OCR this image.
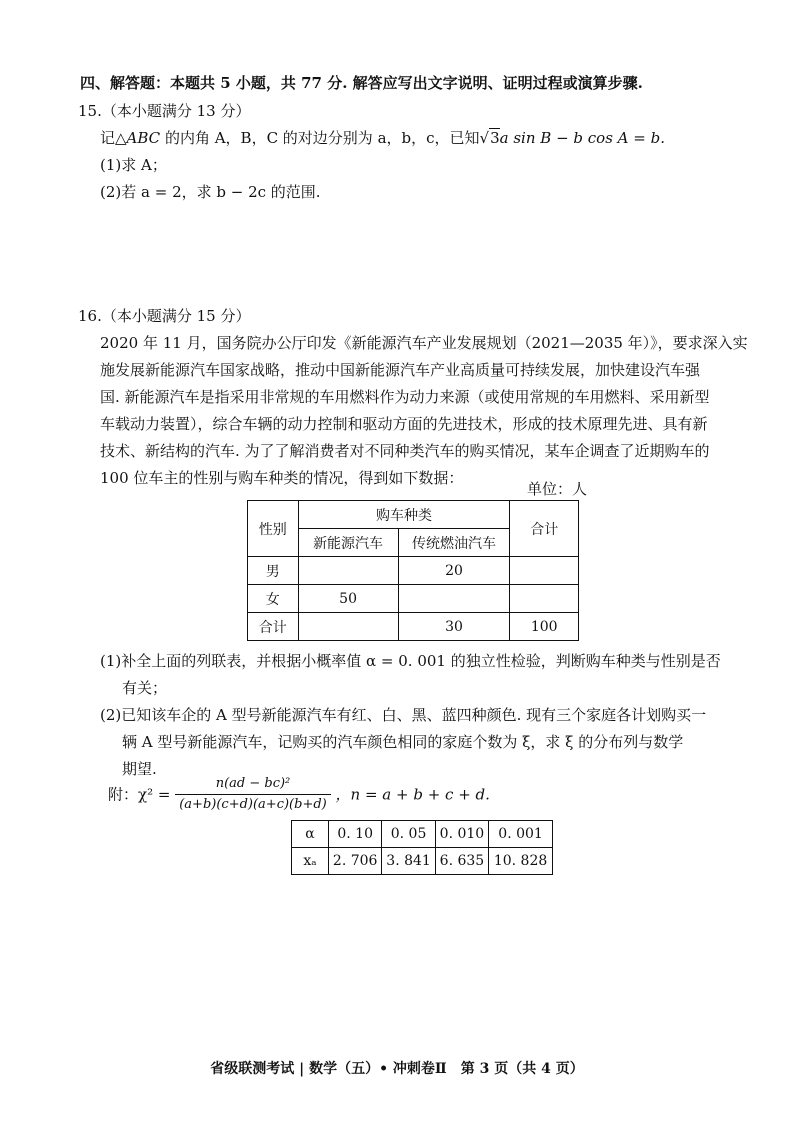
四、解答题：本题共 5 小题，共 77 分. 解答应写出文字说明、证明过程或演算步骤.
15.（本小题满分 13 分）
记△ABC 的内角 A，B，C 的对边分别为 a，b，c，已知√3a sin B − b cos A = b.
(1)求 A；
(2)若 a = 2，求 b − 2c 的范围.
16.（本小题满分 15 分）
2020 年 11 月，国务院办公厅印发《新能源汽车产业发展规划（2021—2035 年）》，要求深入实
施发展新能源汽车国家战略，推动中国新能源汽车产业高质量可持续发展，加快建设汽车强
国. 新能源汽车是指采用非常规的车用燃料作为动力来源（或使用常规的车用燃料、采用新型
车载动力装置），综合车辆的动力控制和驱动方面的先进技术，形成的技术原理先进、具有新
技术、新结构的汽车. 为了了解消费者对不同种类汽车的购买情况，某车企调查了近期购车的
100 位车主的性别与购车种类的情况，得到如下数据：
单位：人
性别	购车种类		合计
	新能源汽车	传统燃油汽车	
男		20	
女	50		
合计		30	100
(1)补全上面的列联表，并根据小概率值 α = 0. 001 的独立性检验，判断购车种类与性别是否
有关；
(2)已知该车企的 A 型号新能源汽车有红、白、黑、蓝四种颜色. 现有三个家庭各计划购买一
辆 A 型号新能源汽车，记购买的汽车颜色相同的家庭个数为 ξ，求 ξ 的分布列与数学
期望.
附：$\chi^2 = \frac{\text{n(ad − bc)²}}{(a+b)(c+d)(a+c)(b+d)}$ ，n = a + b + c + d.
α	0. 10	0. 05	0. 010	0. 001
xₐ	2. 706	3. 841	6. 635	10. 828
省级联测考试 | 数学（五）• 冲刺卷Ⅱ　第 3 页（共 4 页）
